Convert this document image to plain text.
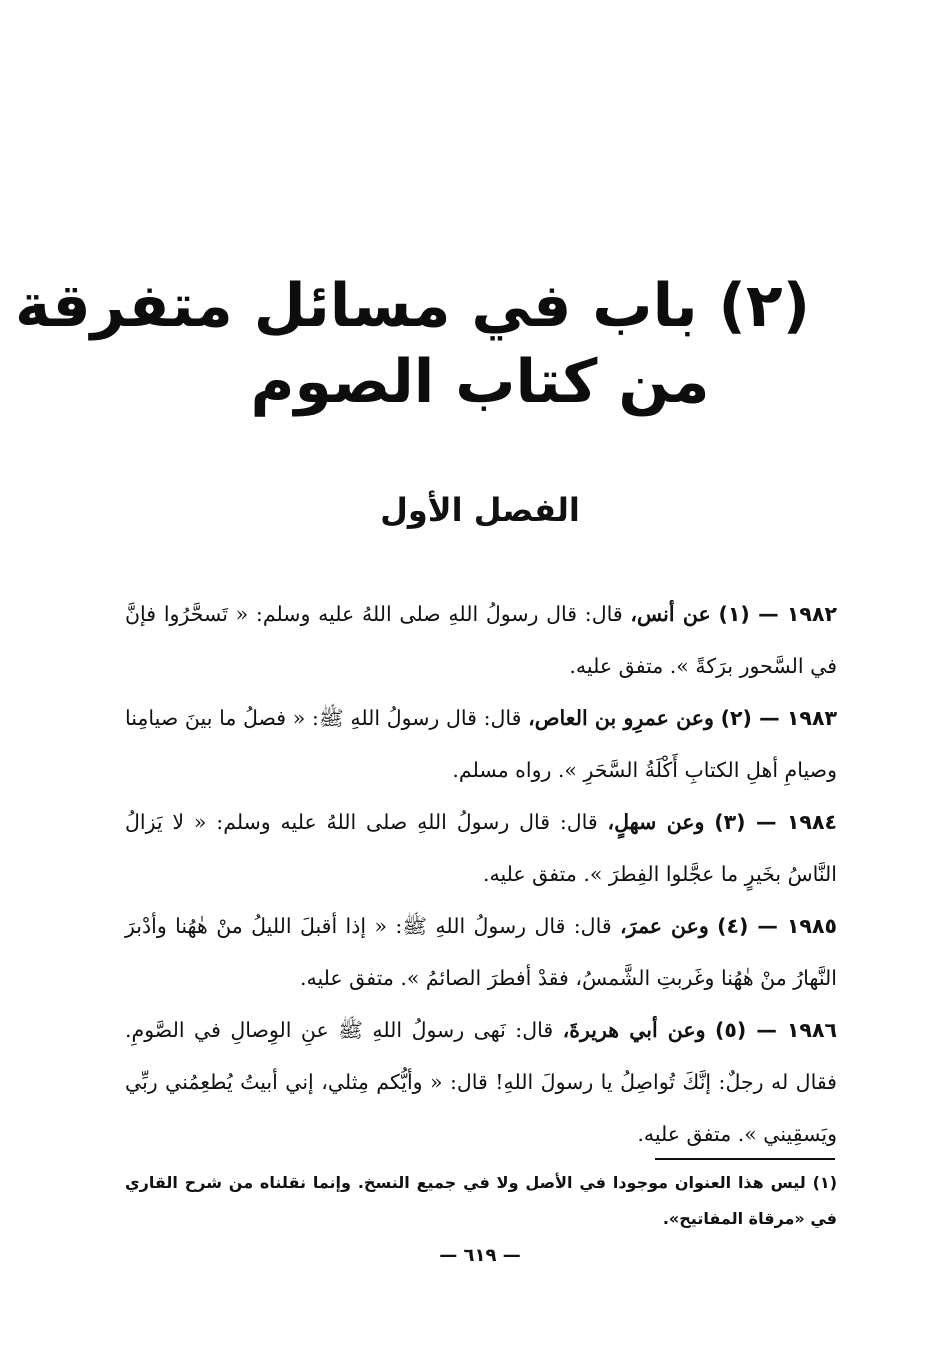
(٢) باب في مسائل متفرقة
من كتاب الصوم
الفصل الأول

١٩٨٢ — (١) عن أنس، قال: قال رسولُ اللهِ صلى اللهُ عليه وسلم: « تَسحَّرُوا فإنَّ في السَّحور برَكةً ». متفق عليه.

١٩٨٣ — (٢) وعن عمرِو بن العاص، قال: قال رسولُ اللهِ ﷺ: « فصلُ ما بينَ صيامِنا وصيامِ أهلِ الكتابِ أَكْلَةُ السَّحَرِ ». رواه مسلم.

١٩٨٤ — (٣) وعن سهلٍ، قال: قال رسولُ اللهِ صلى اللهُ عليه وسلم: « لا يَزالُ النَّاسُ بخَيرٍ ما عجَّلوا الفِطرَ ». متفق عليه.

١٩٨٥ — (٤) وعن عمرَ، قال: قال رسولُ اللهِ ﷺ: « إذا أقبلَ الليلُ منْ هٰهُنا وأدْبرَ النَّهارُ منْ هٰهُنا وغَربتِ الشَّمسُ، فقدْ أفطرَ الصائمُ ». متفق عليه.

١٩٨٦ — (٥) وعن أبي هريرةَ، قال: نَهى رسولُ اللهِ ﷺ عنِ الوِصالِ في الصَّومِ. فقال له رجلٌ: إنَّكَ تُواصِلُ يا رسولَ اللهِ! قال: « وأيُّكم مِثلي، إني أبيتُ يُطعِمُني ربِّي ويَسقِيني ». متفق عليه.

(١) ليس هذا العنوان موجودا في الأصل ولا في جميع النسخ. وإنما نقلناه من شرح القاري في «مرقاة المفاتيح».
— ٦١٩ —
